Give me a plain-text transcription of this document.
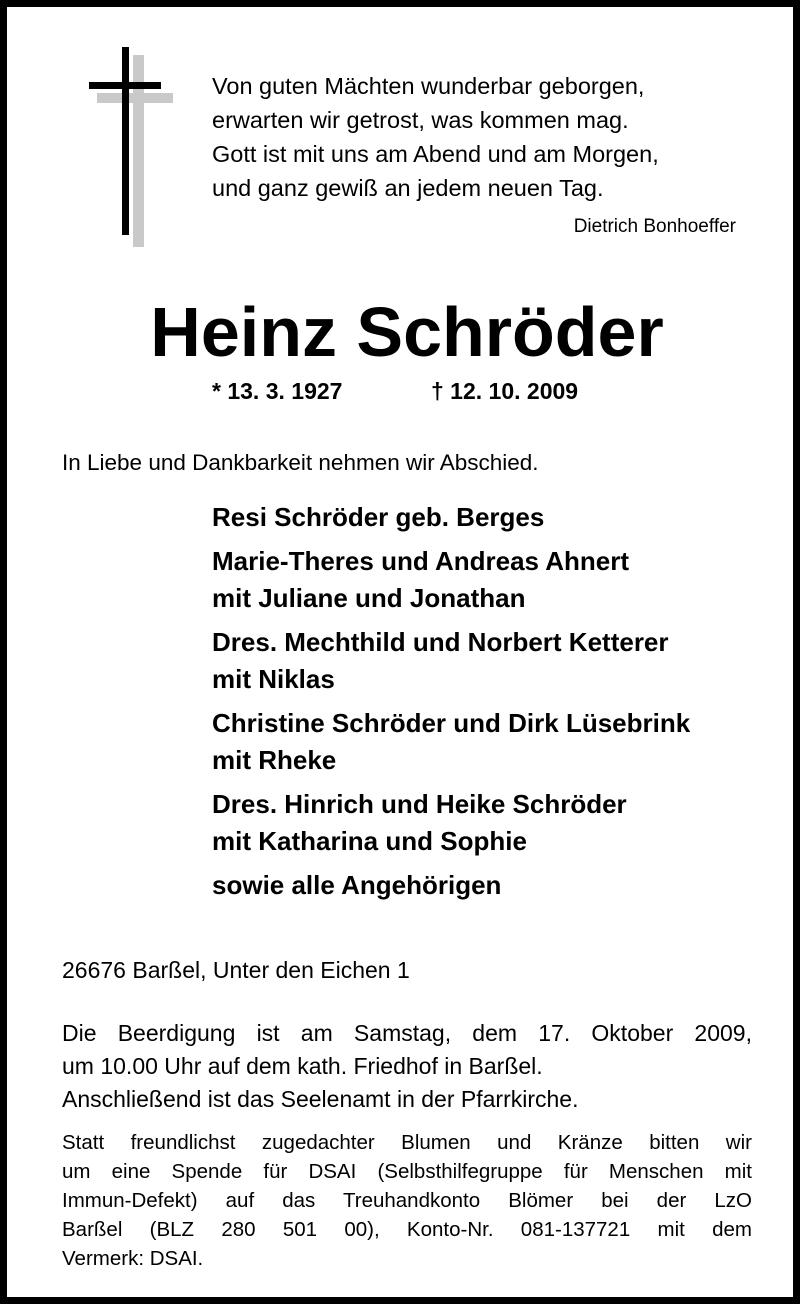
Von guten Mächten wunderbar geborgen,
erwarten wir getrost, was kommen mag.
Gott ist mit uns am Abend und am Morgen,
und ganz gewiß an jedem neuen Tag.
Dietrich Bonhoeffer
Heinz Schröder
* 13. 3. 1927	† 12. 10. 2009
In Liebe und Dankbarkeit nehmen wir Abschied.
Resi Schröder geb. Berges
Marie-Theres und Andreas Ahnert
mit Juliane und Jonathan
Dres. Mechthild und Norbert Ketterer
mit Niklas
Christine Schröder und Dirk Lüsebrink
mit Rheke
Dres. Hinrich und Heike Schröder
mit Katharina und Sophie
sowie alle Angehörigen
26676 Barßel, Unter den Eichen 1
Die Beerdigung ist am Samstag, dem 17. Oktober 2009,
um 10.00 Uhr auf dem kath. Friedhof in Barßel.
Anschließend ist das Seelenamt in der Pfarrkirche.
Statt freundlichst zugedachter Blumen und Kränze bitten wir
um eine Spende für DSAI (Selbsthilfegruppe für Menschen mit
Immun-Defekt) auf das Treuhandkonto Blömer bei der LzO
Barßel (BLZ 280 501 00), Konto-Nr. 081-137721 mit dem
Vermerk: DSAI.
